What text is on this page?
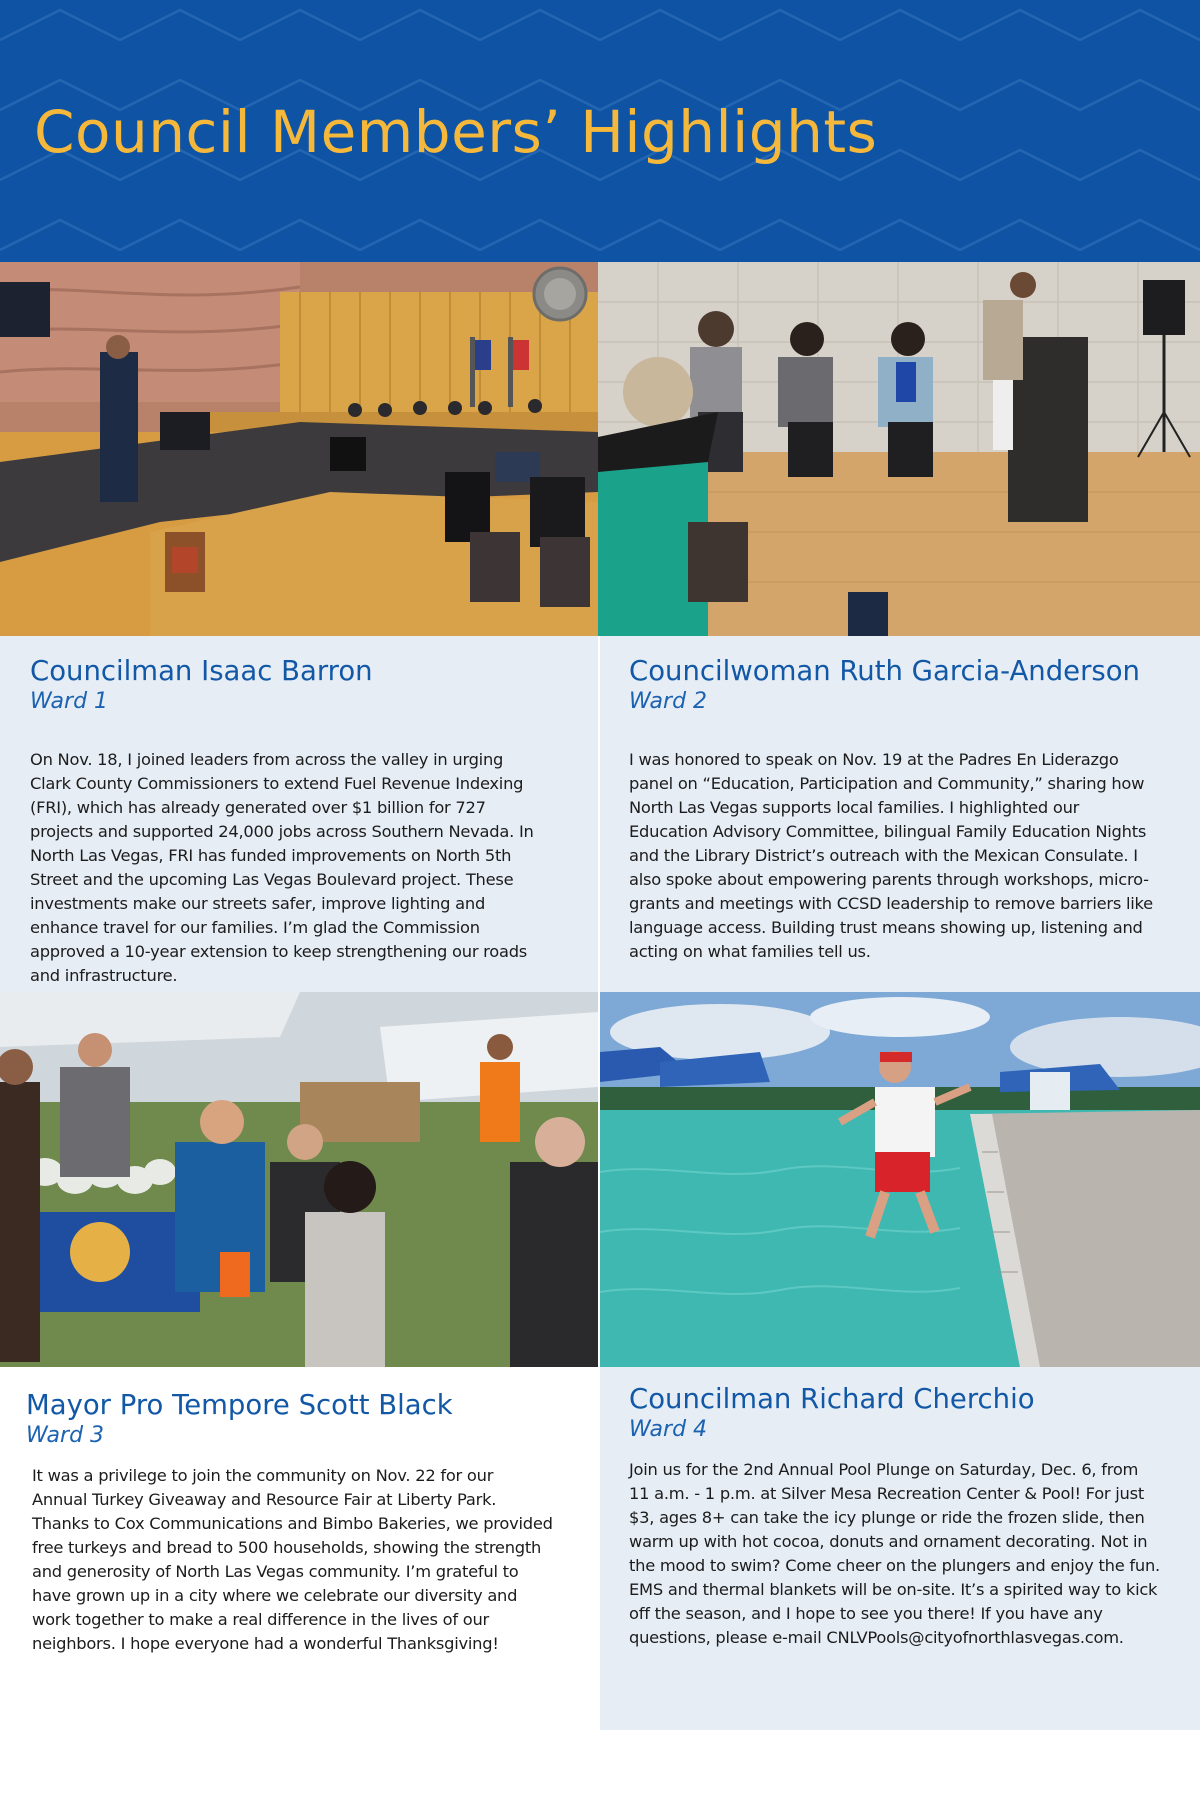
Council Members’ Highlights
Councilman Isaac Barron

Ward 1

On Nov. 18, I joined leaders from across the valley in urging Clark County Commissioners to extend Fuel Revenue Indexing (FRI), which has already generated over $1 billion for 727 projects and supported 24,000 jobs across Southern Nevada. In North Las Vegas, FRI has funded improvements on North 5th Street and the upcoming Las Vegas Boulevard project. These investments make our streets safer, improve lighting and enhance travel for our families. I’m glad the Commission approved a 10-year extension to keep strengthening our roads and infrastructure.

Councilwoman Ruth Garcia-Anderson

Ward 2

I was honored to speak on Nov. 19 at the Padres En Liderazgo panel on “Education, Participation and Community,” sharing how North Las Vegas supports local families. I highlighted our Education Advisory Committee, bilingual Family Education Nights and the Library District’s outreach with the Mexican Consulate. I also spoke about empowering parents through workshops, micro-grants and meetings with CCSD leadership to remove barriers like language access. Building trust means showing up, listening and acting on what families tell us.

Mayor Pro Tempore Scott Black

Ward 3

It was a privilege to join the community on Nov. 22 for our Annual Turkey Giveaway and Resource Fair at Liberty Park. Thanks to Cox Communications and Bimbo Bakeries, we provided free turkeys and bread to 500 households, showing the strength and generosity of North Las Vegas community. I’m grateful to have grown up in a city where we celebrate our diversity and work together to make a real difference in the lives of our neighbors. I hope everyone had a wonderful Thanksgiving!

Councilman Richard Cherchio

Ward 4

Join us for the 2nd Annual Pool Plunge on Saturday, Dec. 6, from 11 a.m. - 1 p.m. at Silver Mesa Recreation Center & Pool! For just $3, ages 8+ can take the icy plunge or ride the frozen slide, then warm up with hot cocoa, donuts and ornament decorating. Not in the mood to swim? Come cheer on the plungers and enjoy the fun. EMS and thermal blankets will be on-site. It’s a spirited way to kick off the season, and I hope to see you there! If you have any questions, please e-mail CNLVPools@cityofnorthlasvegas.com.
